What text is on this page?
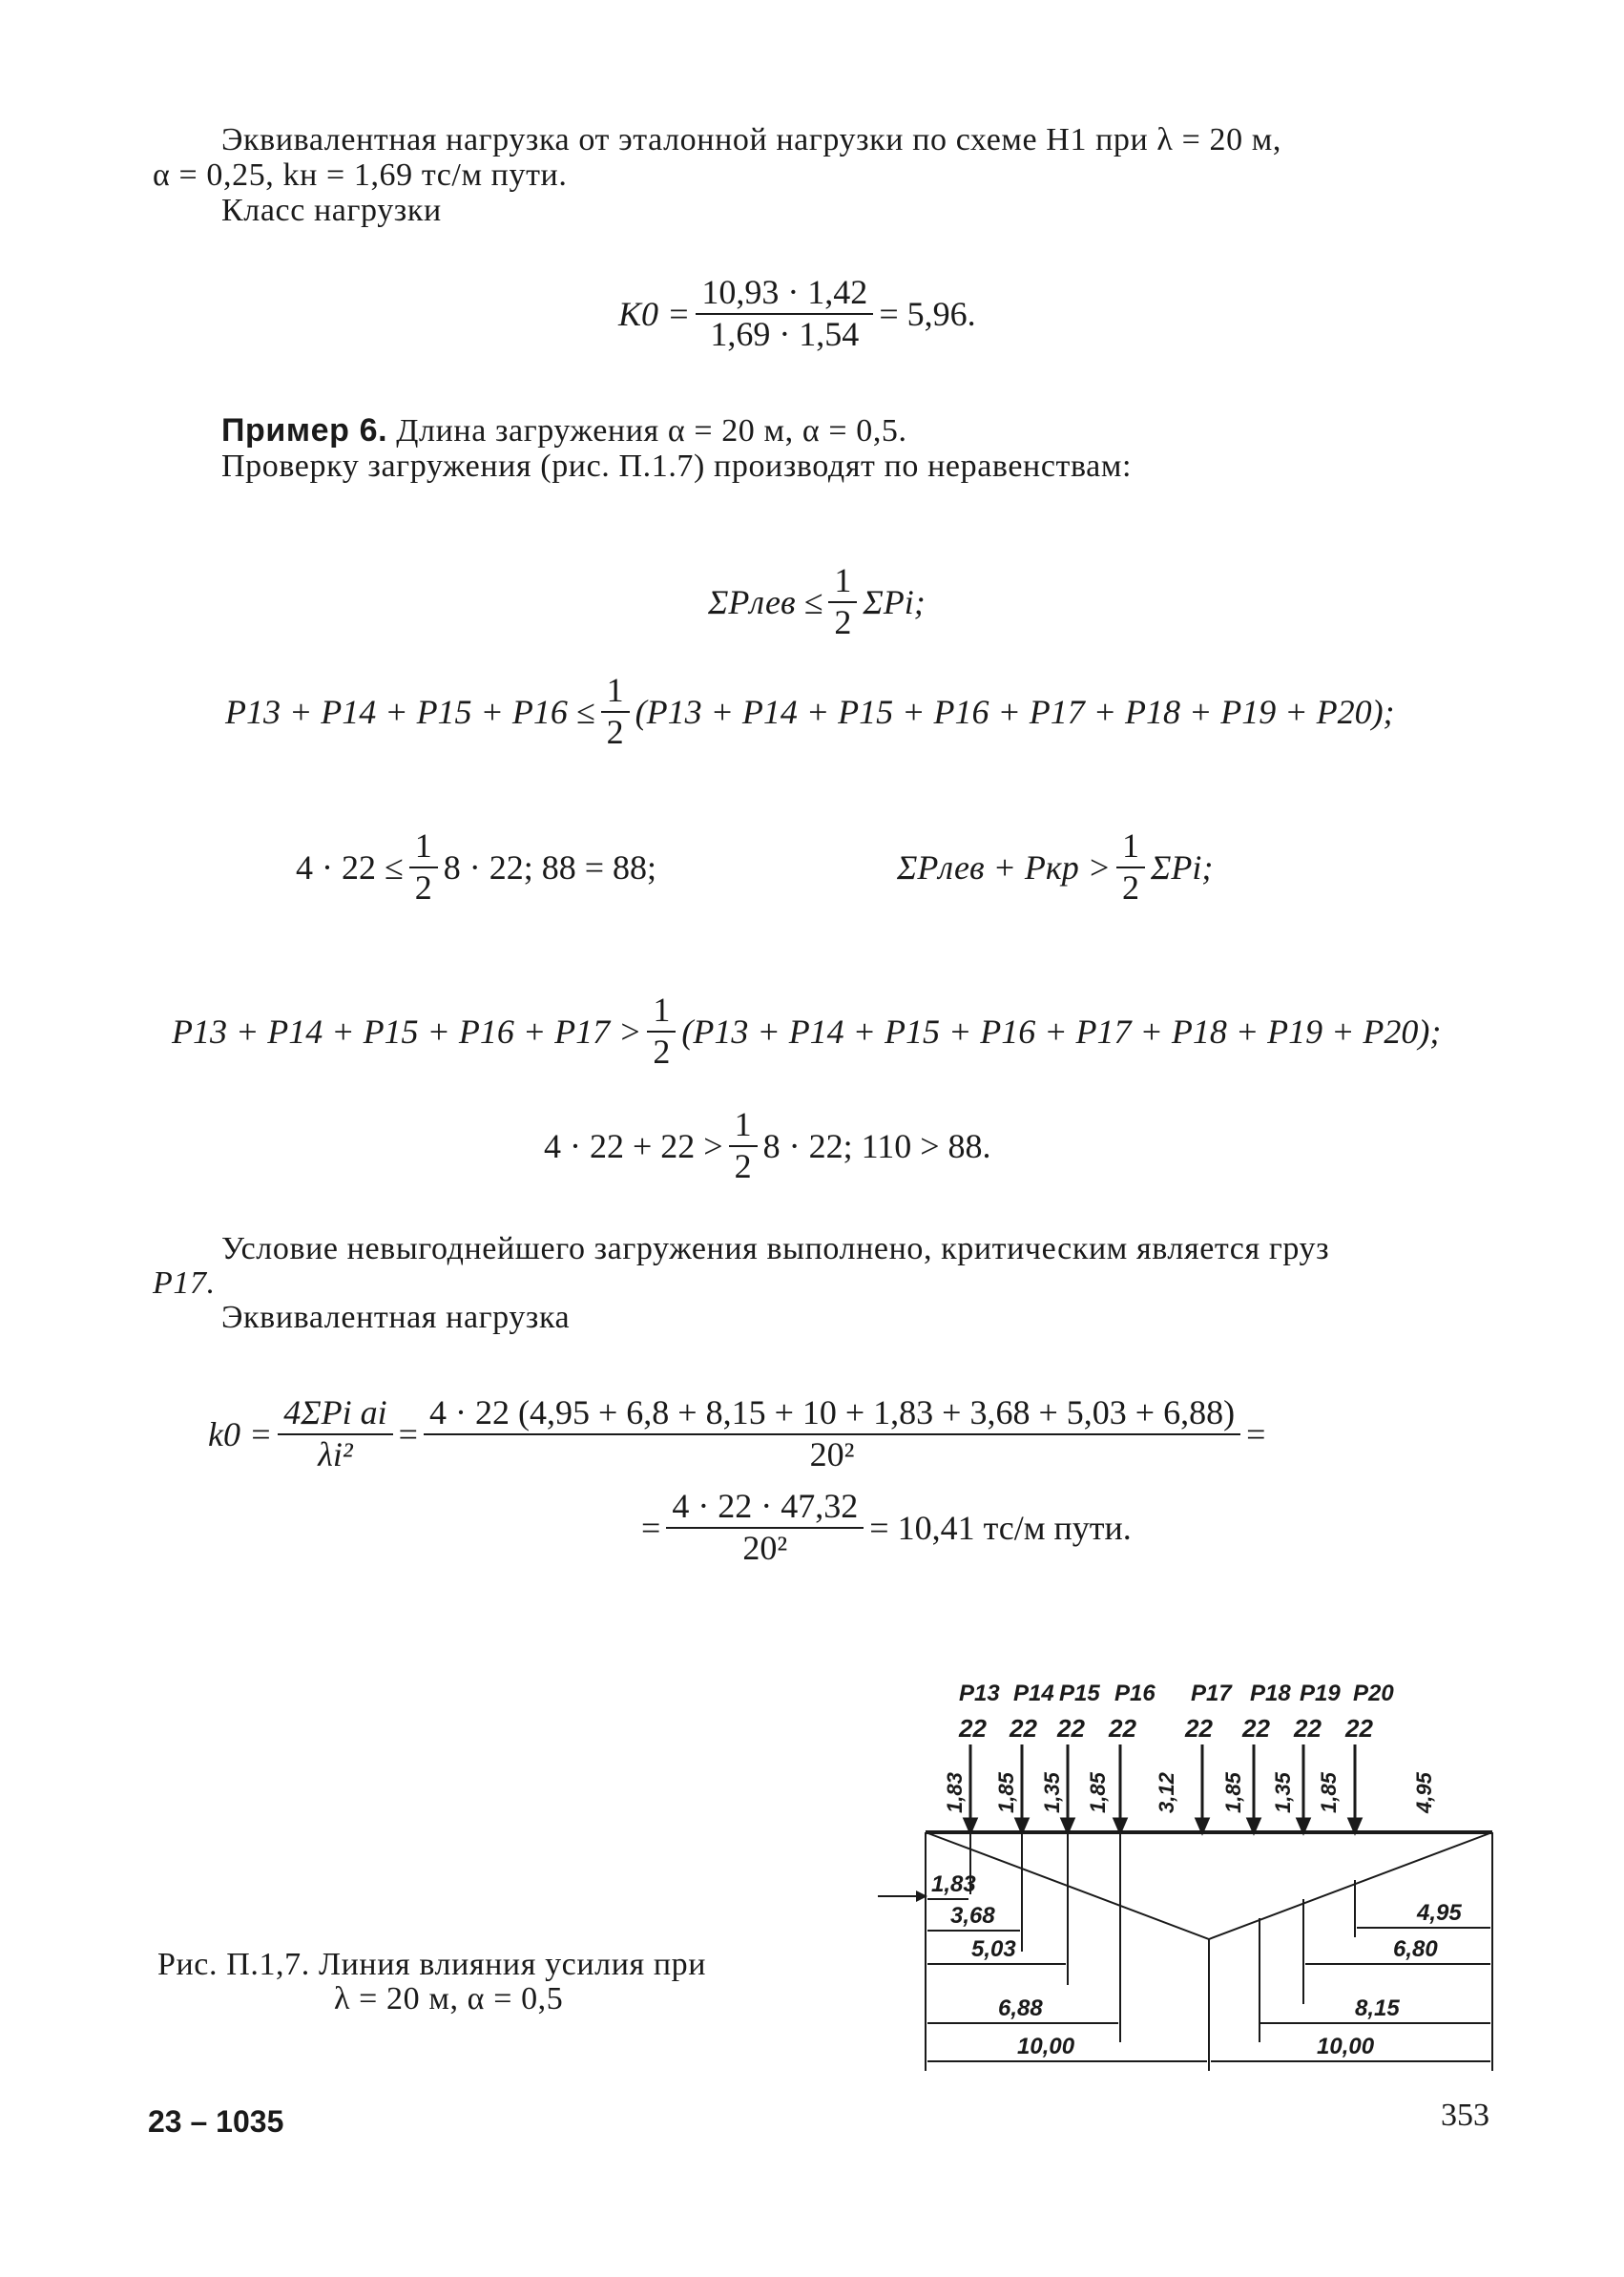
Эквивалентная нагрузка от эталонной нагрузки по схеме Н1 при λ = 20 м,
α = 0,25, kн = 1,69 тс/м пути.
Класс нагрузки
$K0 = \frac{10,93 \cdot 1,42}{1,69 \cdot 1,54} = 5,96$.
Пример 6. Длина загружения α = 20 м, α = 0,5.
Проверку загружения (рис. П.1.7) производят по неравенствам:
ΣPлев ≤ $\frac{1}{2} \Sigma Pi$;
$P13 + P14 + P15 + P16 \le \frac{1}{2} (P13 + P14 + P15 + P16 + P17 + P18 + P19 + P20)$;
$4 \cdot 22 \le \frac{1}{2} 8 \cdot 22$; 88 = 88;	ΣPлев + Pкр > $\frac{1}{2} \Sigma Pi$;
$P13 + P14 + P15 + P16 + P17 > \frac{1}{2} (P13 + P14 + P15 + P16 + P17 + P18 + P19 + P20)$;
$4 \cdot 22 + 22 > \frac{1}{2} 8 \cdot 22$; 110 > 88.
Условие невыгоднейшего загружения выполнено, критическим является груз
P17.
Эквивалентная нагрузка
$k0 = \frac{\text{4ΣPi ai}}{\text{λi²}} = \frac{4 \cdot 22 (4,95 + 6,8 + 8,15 + 10 + 1,83 + 3,68 + 5,03 + 6,88)}{\text{20²}}$ =
= $\frac{4 \cdot 22 \cdot 47,32}{\text{20²}} = 10,41$ тс/м пути.
P13 P14 P15 P16 P17 P18 P19 P20
22 22 22 22 22 22 22 22
1,83 1,85 1,35 1,85 3,12 1,85 1,35 1,85	4,95
1,83
3,68
5,03
6,88
10,00
4,95
6,80
8,15
10,00
Рис. П.1,7. Линия влияния усилия при
λ = 20 м, α = 0,5
23 – 1035	353
